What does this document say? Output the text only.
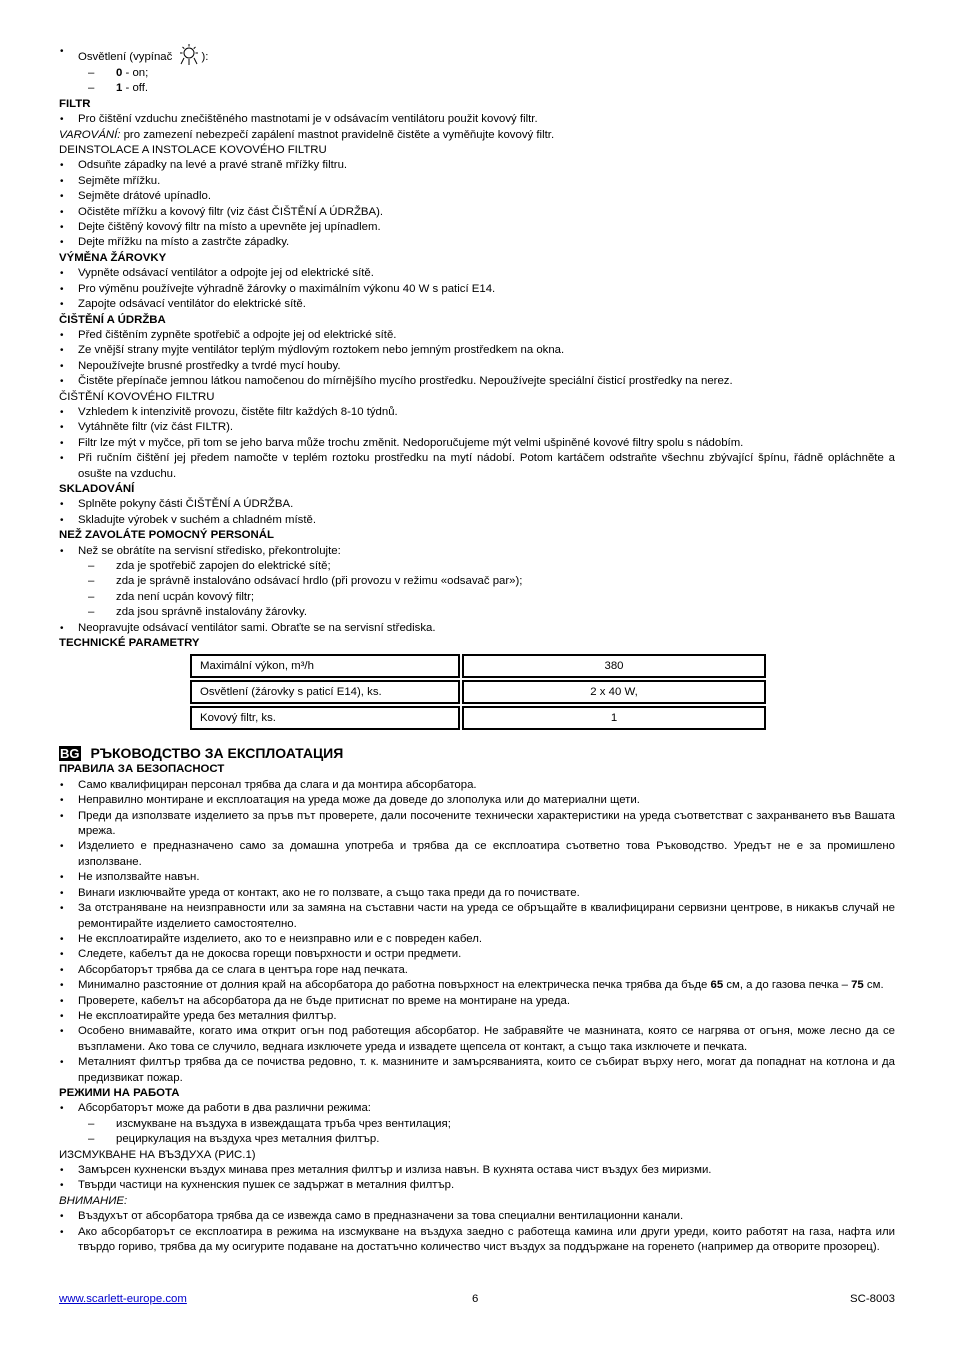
• Osvětlení (vypínač ):
– 0 - on;
– 1 - off.

FILTR

• Pro čištění vzduchu znečištěného mastnotami je v odsávacím ventilátoru použit kovový filtr.

VAROVÁNÍ: pro zamezení nebezpečí zapálení mastnot pravidelně čistěte a vyměňujte kovový filtr.

DEINSTOLACE A INSTOLACE KOVOVÉHO FILTRU

• Odsuňte západky na levé a pravé straně mřížky filtru.
• Sejměte mřížku.
• Sejměte drátové upínadlo.
• Očistěte mřížku a kovový filtr (viz část ČIŠTĚNÍ A ÚDRŽBA).
• Dejte čištěný kovový filtr na místo a upevněte jej upínadlem.
• Dejte mřížku na místo a zastrčte západky.

VÝMĚNA ŽÁROVKY

• Vypněte odsávací ventilátor a odpojte jej od elektrické sítě.
• Pro výměnu používejte výhradně žárovky o maximálním výkonu 40 W s paticí E14.
• Zapojte odsávací ventilátor do elektrické sítě.

ČIŠTĚNÍ A ÚDRŽBA

• Před čištěním zypněte spotřebič a odpojte jej od elektrické sítě.
• Ze vnější strany myjte ventilátor teplým mýdlovým roztokem nebo jemným prostředkem na okna.
• Nepoužívejte brusné prostředky a tvrdé mycí houby.
• Čistěte přepínače jemnou látkou namočenou do mírnějšího mycího prostředku. Nepoužívejte speciální čisticí prostředky na nerez.

ČIŠTĚNÍ KOVOVÉHO FILTRU

• Vzhledem k intenzivitě provozu, čistěte filtr každých 8-10 týdnů.
• Vytáhněte filtr (viz část FILTR).
• Filtr lze mýt v myčce, při tom se jeho barva může trochu změnit. Nedoporučujeme mýt velmi ušpiněné kovové filtry spolu s nádobím.
• Při ručním čištění jej předem namočte v teplém roztoku prostředku na mytí nádobí. Potom kartáčem odstraňte všechnu zbývající špínu, řádně opláchněte a osušte na vzduchu.

SKLADOVÁNÍ

• Splněte pokyny části ČIŠTĚNÍ A ÚDRŽBA.
• Skladujte výrobek v suchém a chladném místě.

NEŽ ZAVOLÁTE POMOCNÝ PERSONÁL

• Než se obrátíte na servisní středisko, překontrolujte:
– zda je spotřebič zapojen do elektrické sítě;
– zda je správně instalováno odsávací hrdlo (při provozu v režimu «odsavač par»);
– zda není ucpán kovový filtr;
– zda jsou správně instalovány žárovky.
• Neopravujte odsávací ventilátor sami. Obraťte se na servisní střediska.

TECHNICKÉ PARAMETRY

Maximální výkon, m³/h	380
Osvětlení (žárovky s paticí E14), ks.	2 x 40 W,
Kovový filtr, ks.	1
BG РЪКОВОДСТВО ЗА ЕКСПЛОАТАЦИЯ

ПРАВИЛА ЗА БЕЗОПАСНОСТ

• Само квалифициран персонал трябва да слага и да монтира абсорбатора.
• Неправилно монтиране и експлоатация на уреда може да доведе до злополука или до материални щети.
• Преди да използвате изделието за пръв път проверете, дали посочените технически характеристики на уреда съответстват с захранването във Вашата мрежа.
• Изделието е предназначено само за домашна употреба и трябва да се експлоатира съответно това Ръководство. Уредът не е за промишлено използване.
• Не използвайте навън.
• Винаги изключвайте уреда от контакт, ако не го ползвате, а също така преди да го почиствате.
• За отстраняване на неизправности или за замяна на съставни части на уреда се обръщайте в квалифицирани сервизни центрове, в никакъв случай не ремонтирайте изделието самостоятелно.
• Не експлоатирайте изделието, ако то е неизправно или е с повреден кабел.
• Следете, кабелът да не докосва горещи повърхности и остри предмети.
• Абсорбаторът трябва да се слага в центъра горе над печката.
• Минимално разстояние от долния край на абсорбатора до работна повърхност на електрическа печка трябва да бъде 65 см, а до газова печка – 75 см.
• Проверете, кабелът на абсорбатора да не бъде притиснат по време на монтиране на уреда.
• Не експлоатирайте уреда без металния филтър.
• Особено внимавайте, когато има открит огън под работещия абсорбатор. Не забравяйте че мазнината, която се нагрява от огъня, може лесно да се възпламени. Ако това се случило, веднага изключете уреда и извадете щепсела от контакт, а също така изключете и печката.
• Металният филтър трябва да се почиства редовно, т. к. мазнините и замърсяванията, които се събират върху него, могат да попаднат на котлона и да предизвикат пожар.

РЕЖИМИ НА РАБОТА

• Абсорбаторът може да работи в два различни режима:
– изсмукване на въздуха в извеждащата тръба чрез вентилация;
– рециркулация на въздуха чрез металния филтър.

ИЗСМУКВАНЕ НА ВЪЗДУХА (РИС.1)

• Замърсен кухненски въздух минава през металния филтър и излиза навън. В кухнята остава чист въздух без миризми.
• Твърди частици на кухненския пушек се задържат в металния филтър.

ВНИМАНИЕ:

• Въздухът от абсорбатора трябва да се извежда само в предназначени за това специални вентилационни канали.
• Ако абсорбаторът се експлоатира в режима на изсмукване на въздуха заедно с работеща камина или други уреди, които работят на газа, нафта или твърдо гориво, трябва да му осигурите подаване на достатъчно количество чист въздух за поддържане на горенето (например да отворите прозорец).
www.scarlett-europe.com	6	SC-8003
